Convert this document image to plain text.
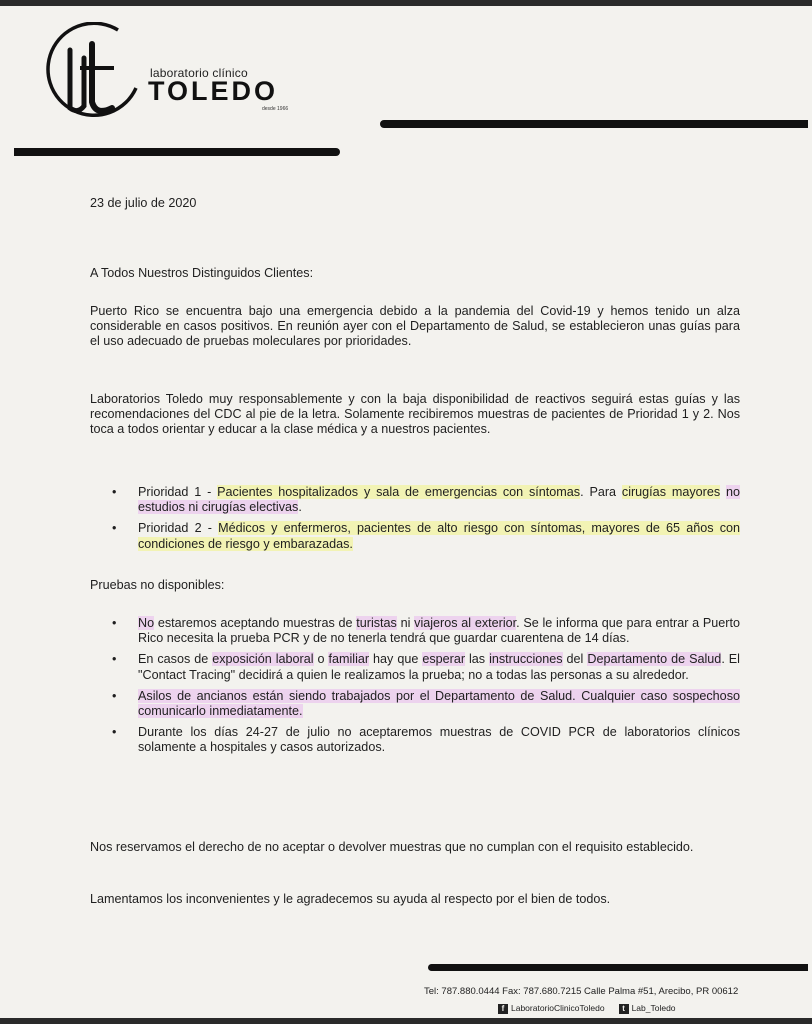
laboratorio clínico
TOLEDO
desde 1966
23 de julio de 2020
A Todos Nuestros Distinguidos Clientes:
Puerto Rico se encuentra bajo una emergencia debido a la pandemia del Covid-19 y hemos tenido un alza considerable en casos positivos. En reunión ayer con el Departamento de Salud, se establecieron unas guías para el uso adecuado de pruebas moleculares por prioridades.
Laboratorios Toledo muy responsablemente y con la baja disponibilidad de reactivos seguirá estas guías y las recomendaciones del CDC al pie de la letra. Solamente recibiremos muestras de pacientes de Prioridad 1 y 2. Nos toca a todos orientar y educar a la clase médica y a nuestros pacientes.
• Prioridad 1 - Pacientes hospitalizados y sala de emergencias con síntomas. Para cirugías mayores no estudios ni cirugías electivas.
• Prioridad 2 - Médicos y enfermeros, pacientes de alto riesgo con síntomas, mayores de 65 años con condiciones de riesgo y embarazadas.
Pruebas no disponibles:
• No estaremos aceptando muestras de turistas ni viajeros al exterior. Se le informa que para entrar a Puerto Rico necesita la prueba PCR y de no tenerla tendrá que guardar cuarentena de 14 días.
• En casos de exposición laboral o familiar hay que esperar las instrucciones del Departamento de Salud. El "Contact Tracing" decidirá a quien le realizamos la prueba; no a todas las personas a su alrededor.
• Asilos de ancianos están siendo trabajados por el Departamento de Salud. Cualquier caso sospechoso comunicarlo inmediatamente.
• Durante los días 24-27 de julio no aceptaremos muestras de COVID PCR de laboratorios clínicos solamente a hospitales y casos autorizados.
Nos reservamos el derecho de no aceptar o devolver muestras que no cumplan con el requisito establecido.
Lamentamos los inconvenientes y le agradecemos su ayuda al respecto por el bien de todos.
Tel: 787.880.0444 Fax: 787.680.7215 Calle Palma #51, Arecibo, PR 00612
f LaboratorioClinicoToledo t Lab_Toledo
